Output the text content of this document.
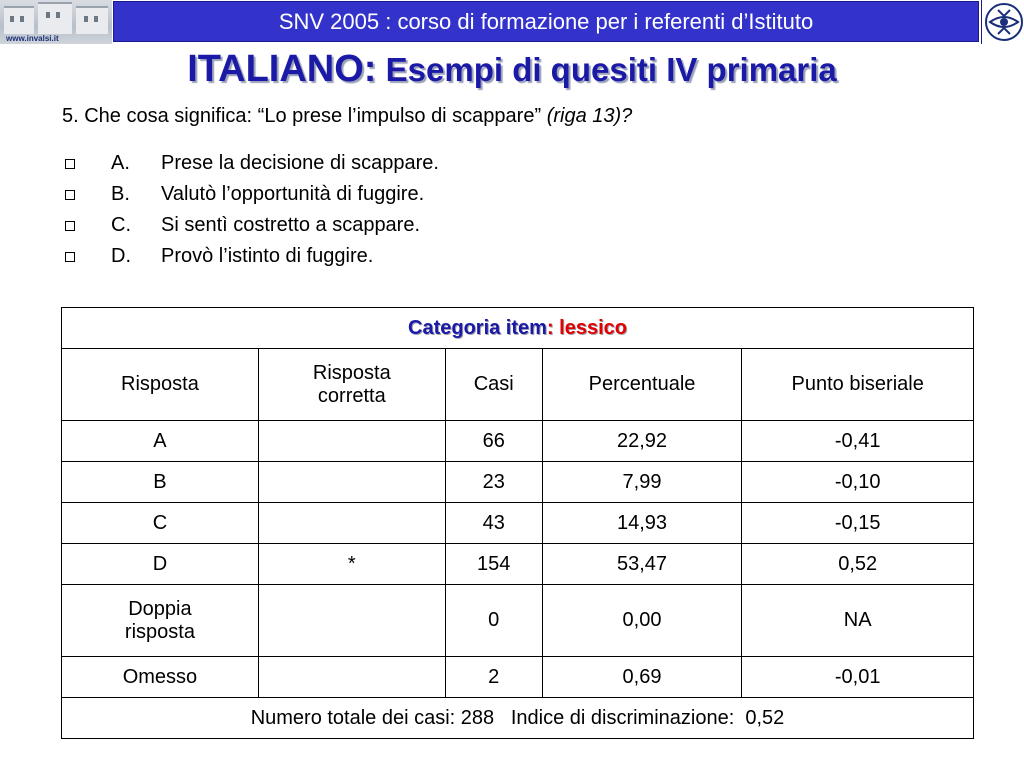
www.invalsi.it
SNV 2005 : corso di formazione per i referenti d’Istituto
ITALIANO: Esempi di quesiti IV primaria
5. Che cosa significa: “Lo prese l’impulso di scappare” (riga 13)?
A.	Prese la decisione di scappare.
B.	Valutò l’opportunità di fuggire.
C.	Si sentì costretto a scappare.
D.	Provò l’istinto di fuggire.
Categoria item: lessico				
Risposta	Risposta corretta	Casi	Percentuale	Punto biseriale
A		66	22,92	-0,41
B		23	7,99	-0,10
C		43	14,93	-0,15
D	*	154	53,47	0,52
Doppia risposta		0	0,00	NA
Omesso		2	0,69	-0,01
Numero totale dei casi: 288   Indice di discriminazione:  0,52				
